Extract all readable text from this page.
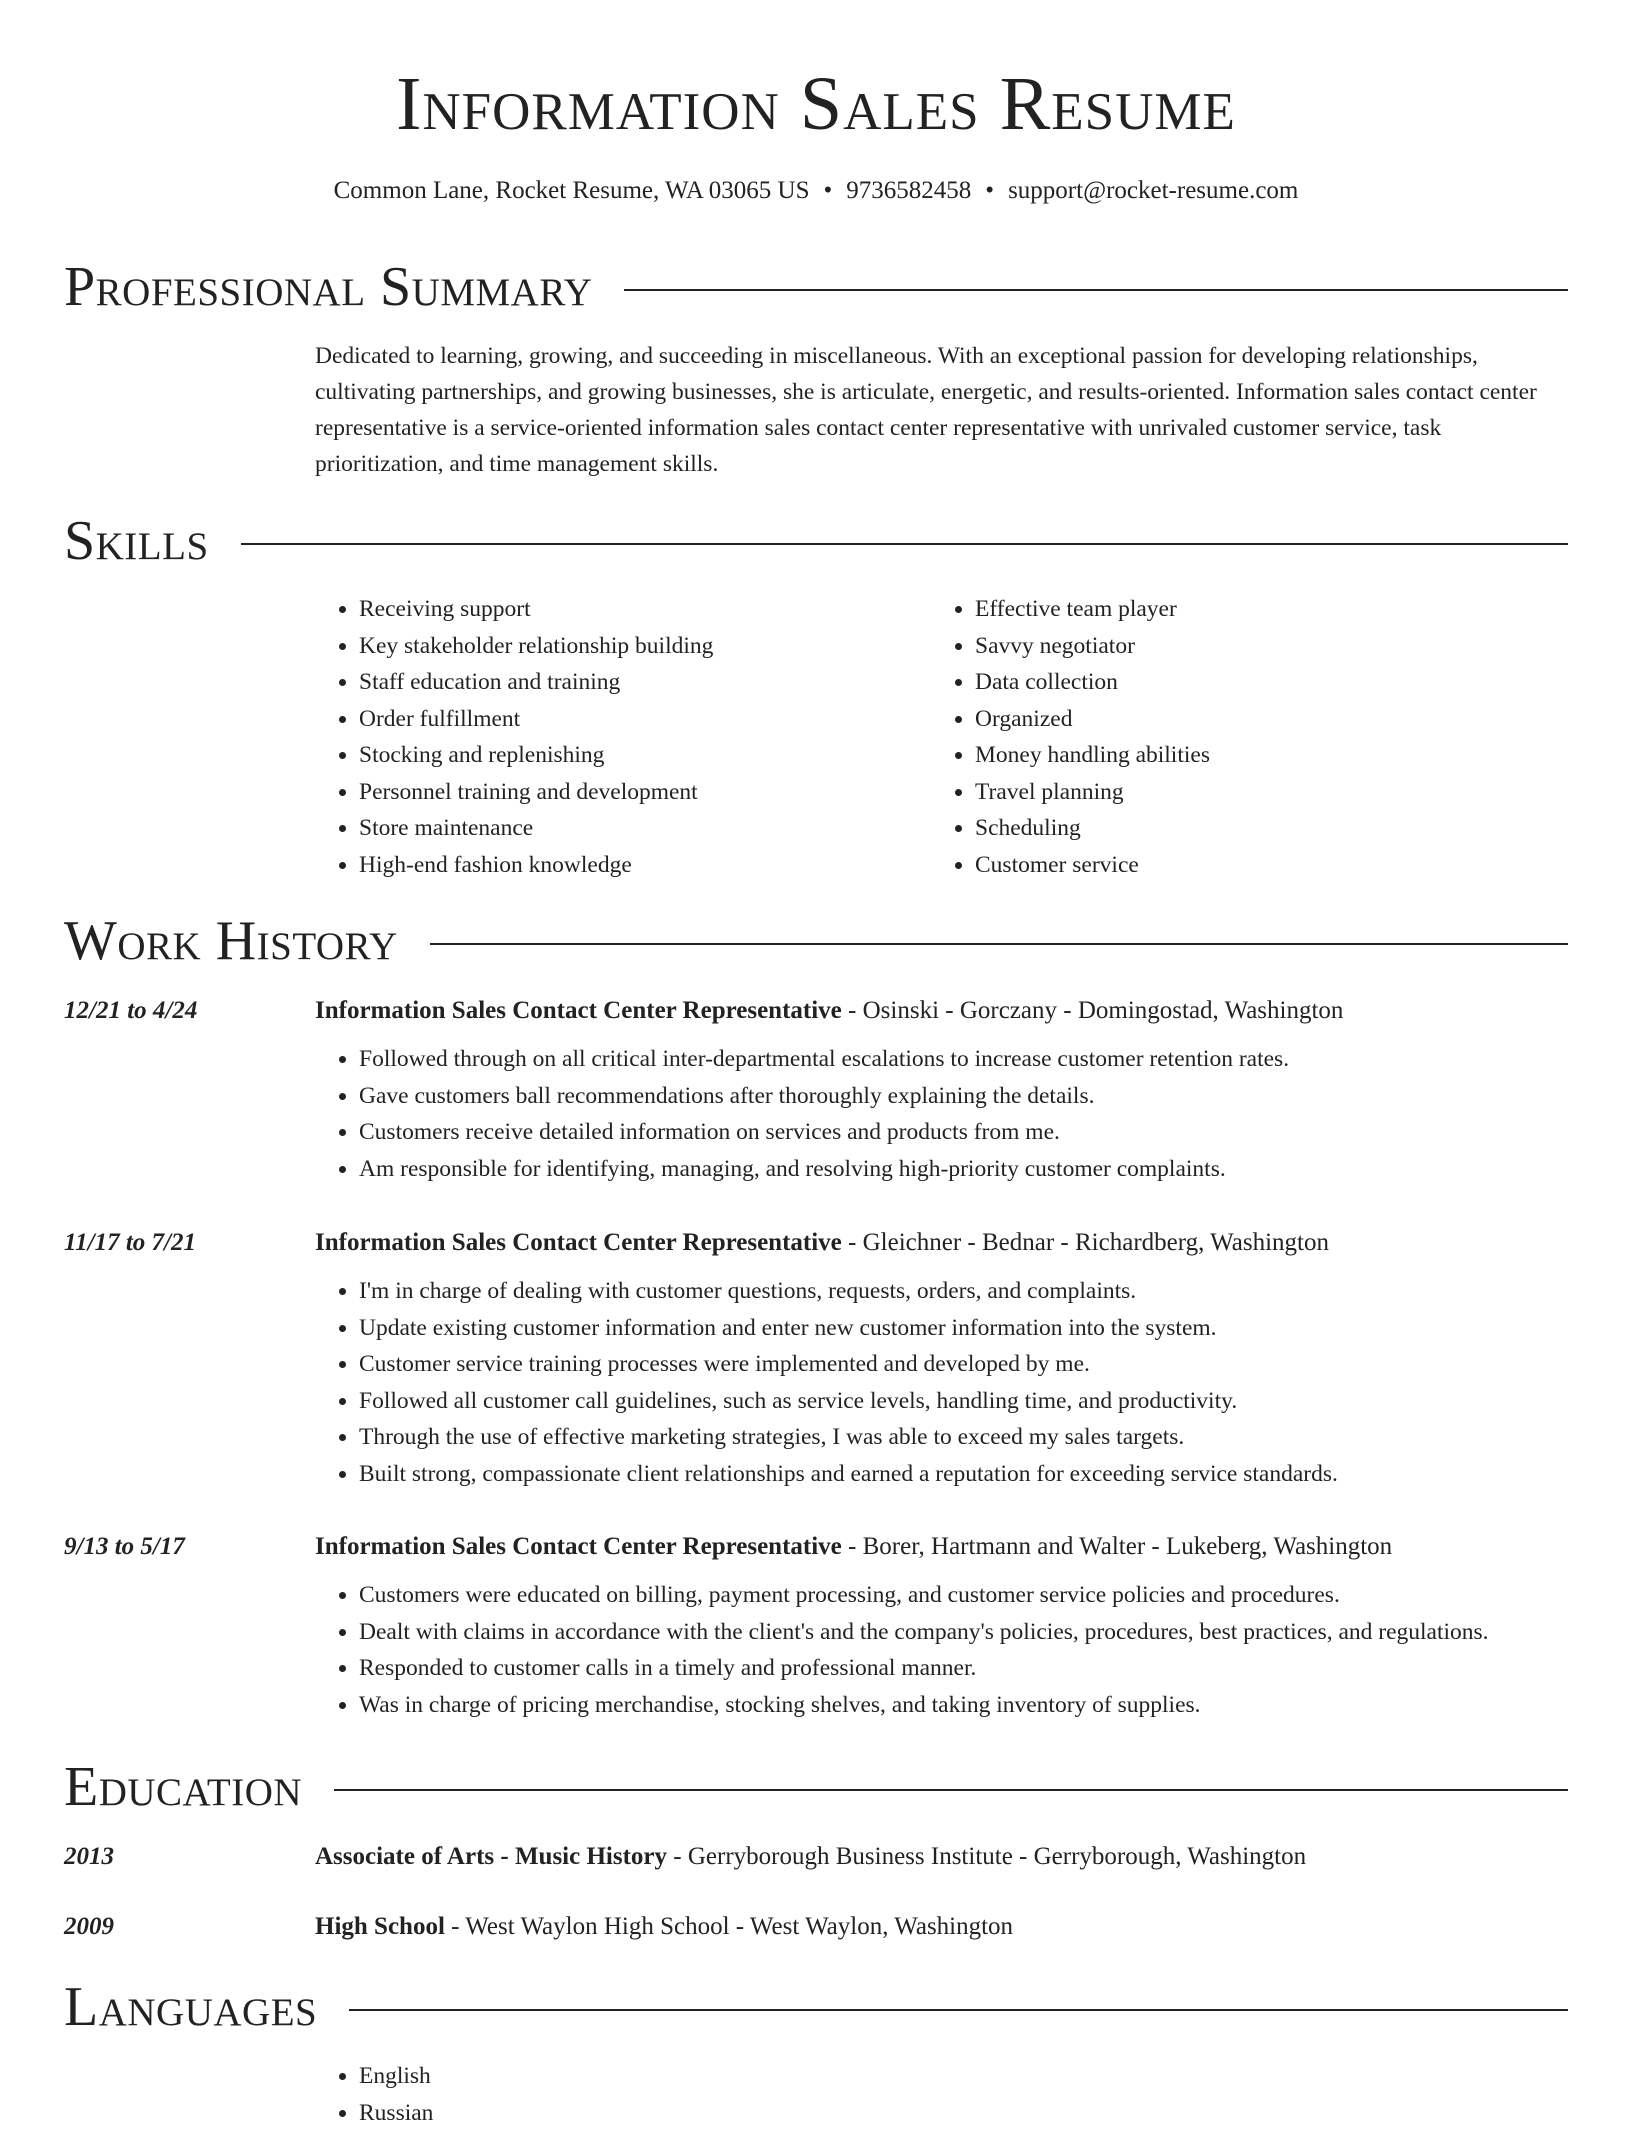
Information Sales Resume
Common Lane, Rocket Resume, WA 03065 US • 9736582458 • support@rocket-resume.com
Professional Summary

Dedicated to learning, growing, and succeeding in miscellaneous. With an exceptional passion for developing relationships, cultivating partnerships, and growing businesses, she is articulate, energetic, and results-oriented. Information sales contact center representative is a service-oriented information sales contact center representative with unrivaled customer service, task prioritization, and time management skills.

Skills
• Receiving support
• Key stakeholder relationship building
• Staff education and training
• Order fulfillment
• Stocking and replenishing
• Personnel training and development
• Store maintenance
• High-end fashion knowledge
• Effective team player
• Savvy negotiator
• Data collection
• Organized
• Money handling abilities
• Travel planning
• Scheduling
• Customer service
Work History
12/21 to 4/24	Information Sales Contact Center Representative - Osinski - Gorczany - Domingostad, Washington
• Followed through on all critical inter-departmental escalations to increase customer retention rates.
• Gave customers ball recommendations after thoroughly explaining the details.
• Customers receive detailed information on services and products from me.
• Am responsible for identifying, managing, and resolving high-priority customer complaints.
11/17 to 7/21	Information Sales Contact Center Representative - Gleichner - Bednar - Richardberg, Washington
• I'm in charge of dealing with customer questions, requests, orders, and complaints.
• Update existing customer information and enter new customer information into the system.
• Customer service training processes were implemented and developed by me.
• Followed all customer call guidelines, such as service levels, handling time, and productivity.
• Through the use of effective marketing strategies, I was able to exceed my sales targets.
• Built strong, compassionate client relationships and earned a reputation for exceeding service standards.
9/13 to 5/17	Information Sales Contact Center Representative - Borer, Hartmann and Walter - Lukeberg, Washington
• Customers were educated on billing, payment processing, and customer service policies and procedures.
• Dealt with claims in accordance with the client's and the company's policies, procedures, best practices, and regulations.
• Responded to customer calls in a timely and professional manner.
• Was in charge of pricing merchandise, stocking shelves, and taking inventory of supplies.
Education
2013	Associate of Arts - Music History - Gerryborough Business Institute - Gerryborough, Washington
2009	High School - West Waylon High School - West Waylon, Washington
Languages
• English
• Russian
